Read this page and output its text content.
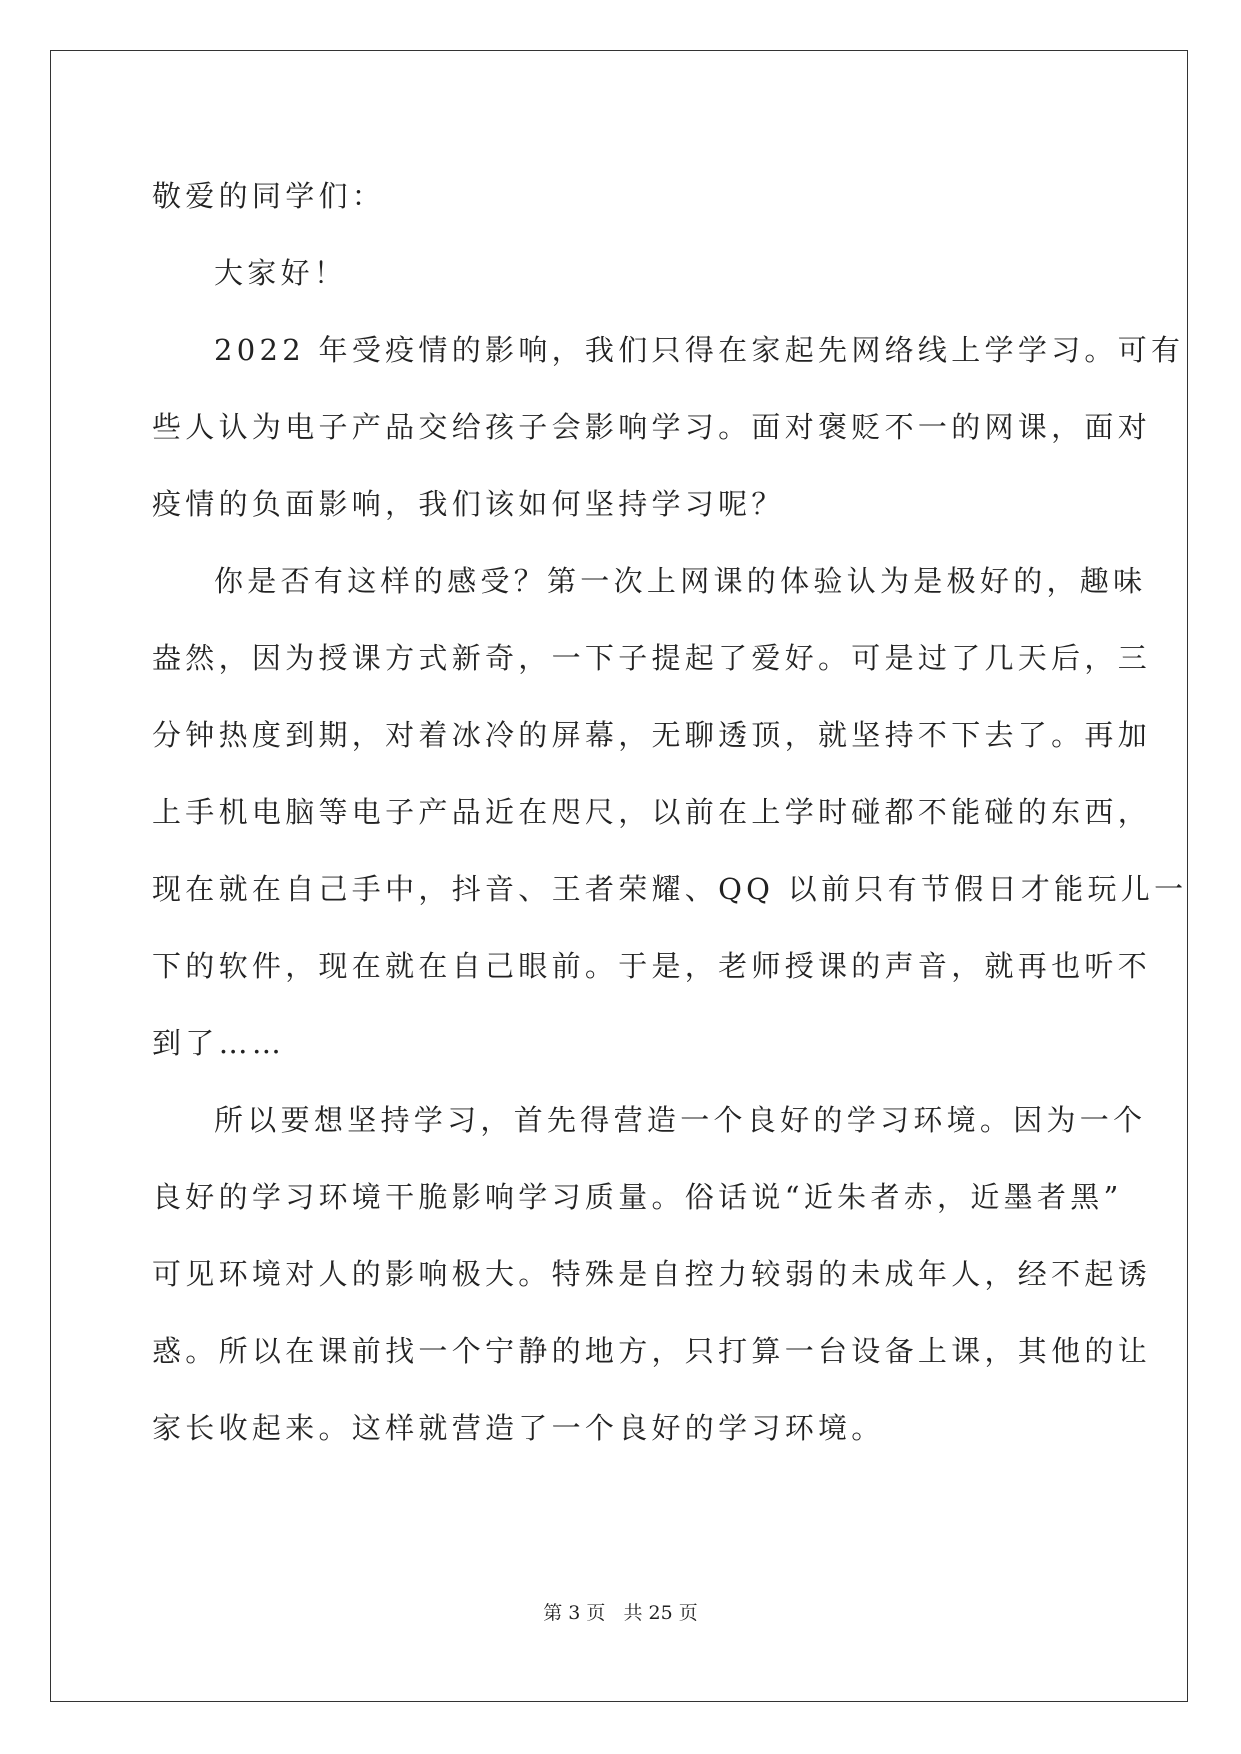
敬爱的同学们：

大家好！

2022 年受疫情的影响，我们只得在家起先网络线上学学习。可有

些人认为电子产品交给孩子会影响学习。面对褒贬不一的网课，面对

疫情的负面影响，我们该如何坚持学习呢？

你是否有这样的感受？第一次上网课的体验认为是极好的，趣味

盎然，因为授课方式新奇，一下子提起了爱好。可是过了几天后，三

分钟热度到期，对着冰冷的屏幕，无聊透顶，就坚持不下去了。再加

上手机电脑等电子产品近在咫尺，以前在上学时碰都不能碰的东西，

现在就在自己手中，抖音、王者荣耀、QQ 以前只有节假日才能玩儿一

下的软件，现在就在自己眼前。于是，老师授课的声音，就再也听不

到了……

所以要想坚持学习，首先得营造一个良好的学习环境。因为一个

良好的学习环境干脆影响学习质量。俗话说“近朱者赤，近墨者黑”

可见环境对人的影响极大。特殊是自控力较弱的未成年人，经不起诱

惑。所以在课前找一个宁静的地方，只打算一台设备上课，其他的让

家长收起来。这样就营造了一个良好的学习环境。

第 3 页   共 25 页
